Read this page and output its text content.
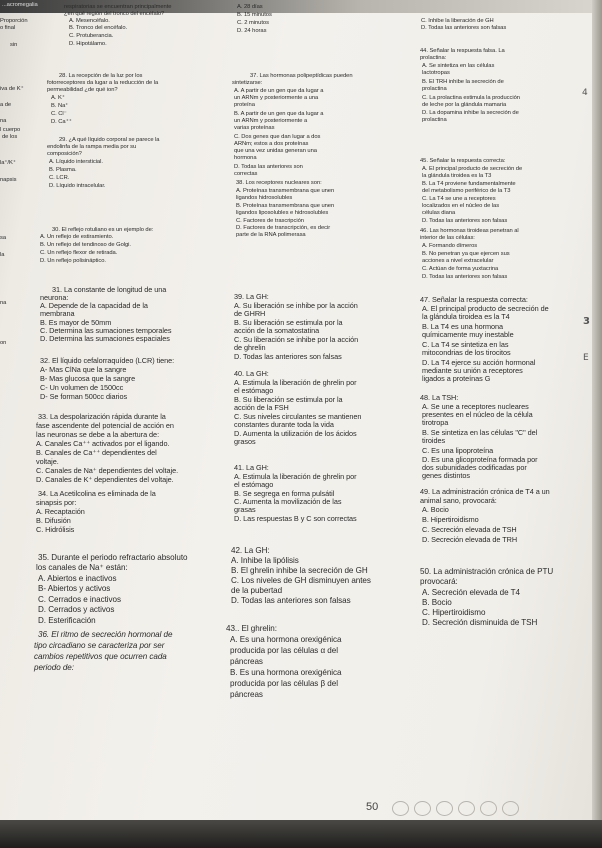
...acromegalia
Proporción
o final
sin
respiratorias se encuentran principalmente
¿en qué región del tronco del encéfalo?
A. Mesencéfalo.
B. Tronco del encéfalo.
C. Protuberancia.
D. Hipotálamo.
A. 28 días
B. 15 minutos
C. 2 minutos
D. 24 horas
C. Inhibe la liberación de GH
D. Todas las anteriores son falsas
iva de K⁺
a de
na
l cuerpo
de los
la⁺/K⁺
napsis
sa
la
na
on
28. La recepción de la luz por los
fotorreceptores da lugar a la reducción de la
permeabilidad ¿de qué ion?
A. K⁺
B. Na⁺
C. Cl⁻
D. Ca⁺⁺
29. ¿A qué líquido corporal se parece la
endolinfa de la rampa media por su
composición?
A. Líquido intersticial.
B. Plasma.
C. LCR.
D. Líquido intracelular.
30. El reflejo rotuliano es un ejemplo de:
A. Un reflejo de estiramiento.
B. Un reflejo del tendinoso de Golgi.
C. Un reflejo flexor de retirada.
D. Un reflejo polisináptico.
31. La constante de longitud de una
neurona:
A. Depende de la capacidad de la
membrana
B. Es mayor de 50mm
C. Determina las sumaciones temporales
D. Determina las sumaciones espaciales
32. El líquido cefalorraquídeo (LCR) tiene:
A- Mas ClNa que la sangre
B- Mas glucosa que la sangre
C- Un volumen de 1500cc
D- Se forman 500cc diarios
33. La despolarización rápida durante la
fase ascendente del potencial de acción en
las neuronas se debe a la abertura de:
A. Canales Ca⁺⁺ activados por el ligando.
B. Canales de Ca⁺⁺ dependientes del
voltaje.
C. Canales de Na⁺ dependientes del voltaje.
D. Canales de K⁺ dependientes del voltaje.
34. La Acetilcolina es eliminada de la
sinapsis por:
A. Recaptación
B. Difusión
C. Hidrólisis
35. Durante el periodo refractario absoluto
los canales de Na⁺ están:
A. Abiertos e inactivos
B- Abiertos y activos
C. Cerrados e inactivos
D. Cerrados y activos
D. Esterificación
36. El ritmo de secreción hormonal de
tipo circadiano se caracteriza por ser
cambios repetitivos que ocurren cada
periodo de:
37. Las hormonas polipeptídicas pueden
sintetizarse:
A. A partir de un gen que da lugar a
un ARNm y posteriormente a una
proteína
B. A partir de un gen que da lugar a
un ARNm y posteriormente a
varias proteínas
C. Dos genes que dan lugar a dos
ARNm; estos a dos proteínas
que una vez unidas generan una
hormona
D. Todas las anteriores son
correctas
38. Los receptores nucleares son:
A. Proteínas transmembrana que unen
ligandos hidrosolubles
B. Proteínas transmembrana que unen
ligandos liposolubles e hidrosolubles
C. Factores de trascripción
D. Factores de transcripción, es decir
parte de la RNA polimerasa
39. La GH:
A. Su liberación se inhibe por la acción
de GHRH
B. Su liberación se estimula por la
acción de la somatostatina
C. Su liberación se inhibe por la acción
de ghrelin
D. Todas las anteriores son falsas
40. La GH:
A. Estimula la liberación de ghrelin por
el estómago
B. Su liberación se estimula por la
acción de la FSH
C. Sus niveles circulantes se mantienen
constantes durante toda la vida
D. Aumenta la utilización de los ácidos
grasos
41. La GH:
A. Estimula la liberación de ghrelin por
el estómago
B. Se segrega en forma pulsátil
C. Aumenta la movilización de las
grasas
D. Las respuestas B y C son correctas
42. La GH:
A. Inhibe la lipólisis
B. El ghrelin inhibe la secreción de GH
C. Los niveles de GH disminuyen antes
de la pubertad
D. Todas las anteriores son falsas
43.. El ghrelin:
A. Es una hormona orexigénica
producida por las células α del
páncreas
B. Es una hormona orexigénica
producida por las células β del
páncreas
44. Señalar la respuesta falsa. La
prolactina:
A. Se sintetiza en las células
lactotropas
B. El TRH inhibe la secreción de
prolactina
C. La prolactina estimula la producción
de leche por la glándula mamaria
D. La dopamina inhibe la secreción de
prolactina
45. Señalar la respuesta correcta:
A. El principal producto de secreción de
la glándula tiroidea es la T3
B. La T4 proviene fundamentalmente
del metabolismo periférico de la T3
C. La T4 se une a receptores
localizados en el núcleo de las
células diana
D. Todas las anteriores son falsas
46. Las hormonas tiroideas penetran al
interior de las células:
A. Formando dímeros
B. No penetran ya que ejercen sus
acciones a nivel extracelular
C. Actúan de forma yuxtacrina
D. Todas las anteriores son falsas
47. Señalar la respuesta correcta:
A. El principal producto de secreción de
la glándula tiroidea es la T4
B. La T4 es una hormona
químicamente muy inestable
C. La T4 se sintetiza en las
mitocondrias de los tirocitos
D. La T4 ejerce su acción hormonal
mediante su unión a receptores
ligados a proteínas G
48. La TSH:
A. Se une a receptores nucleares
presentes en el núcleo de la célula
tirotropa
B. Se sintetiza en las células "C" del
tiroides
C. Es una lipoproteína
D. Es una glicoproteína formada por
dos subunidades codificadas por
genes distintos
49. La administración crónica de T4 a un
animal sano, provocará:
A. Bocio
B. Hipertiroidismo
C. Secreción elevada de TSH
D. Secreción elevada de TRH
50. La administración crónica de PTU
provocará:
A. Secreción elevada de T4
B. Bocio
C. Hipertiroidismo
D. Secreción disminuida de TSH
4
3
E
50
